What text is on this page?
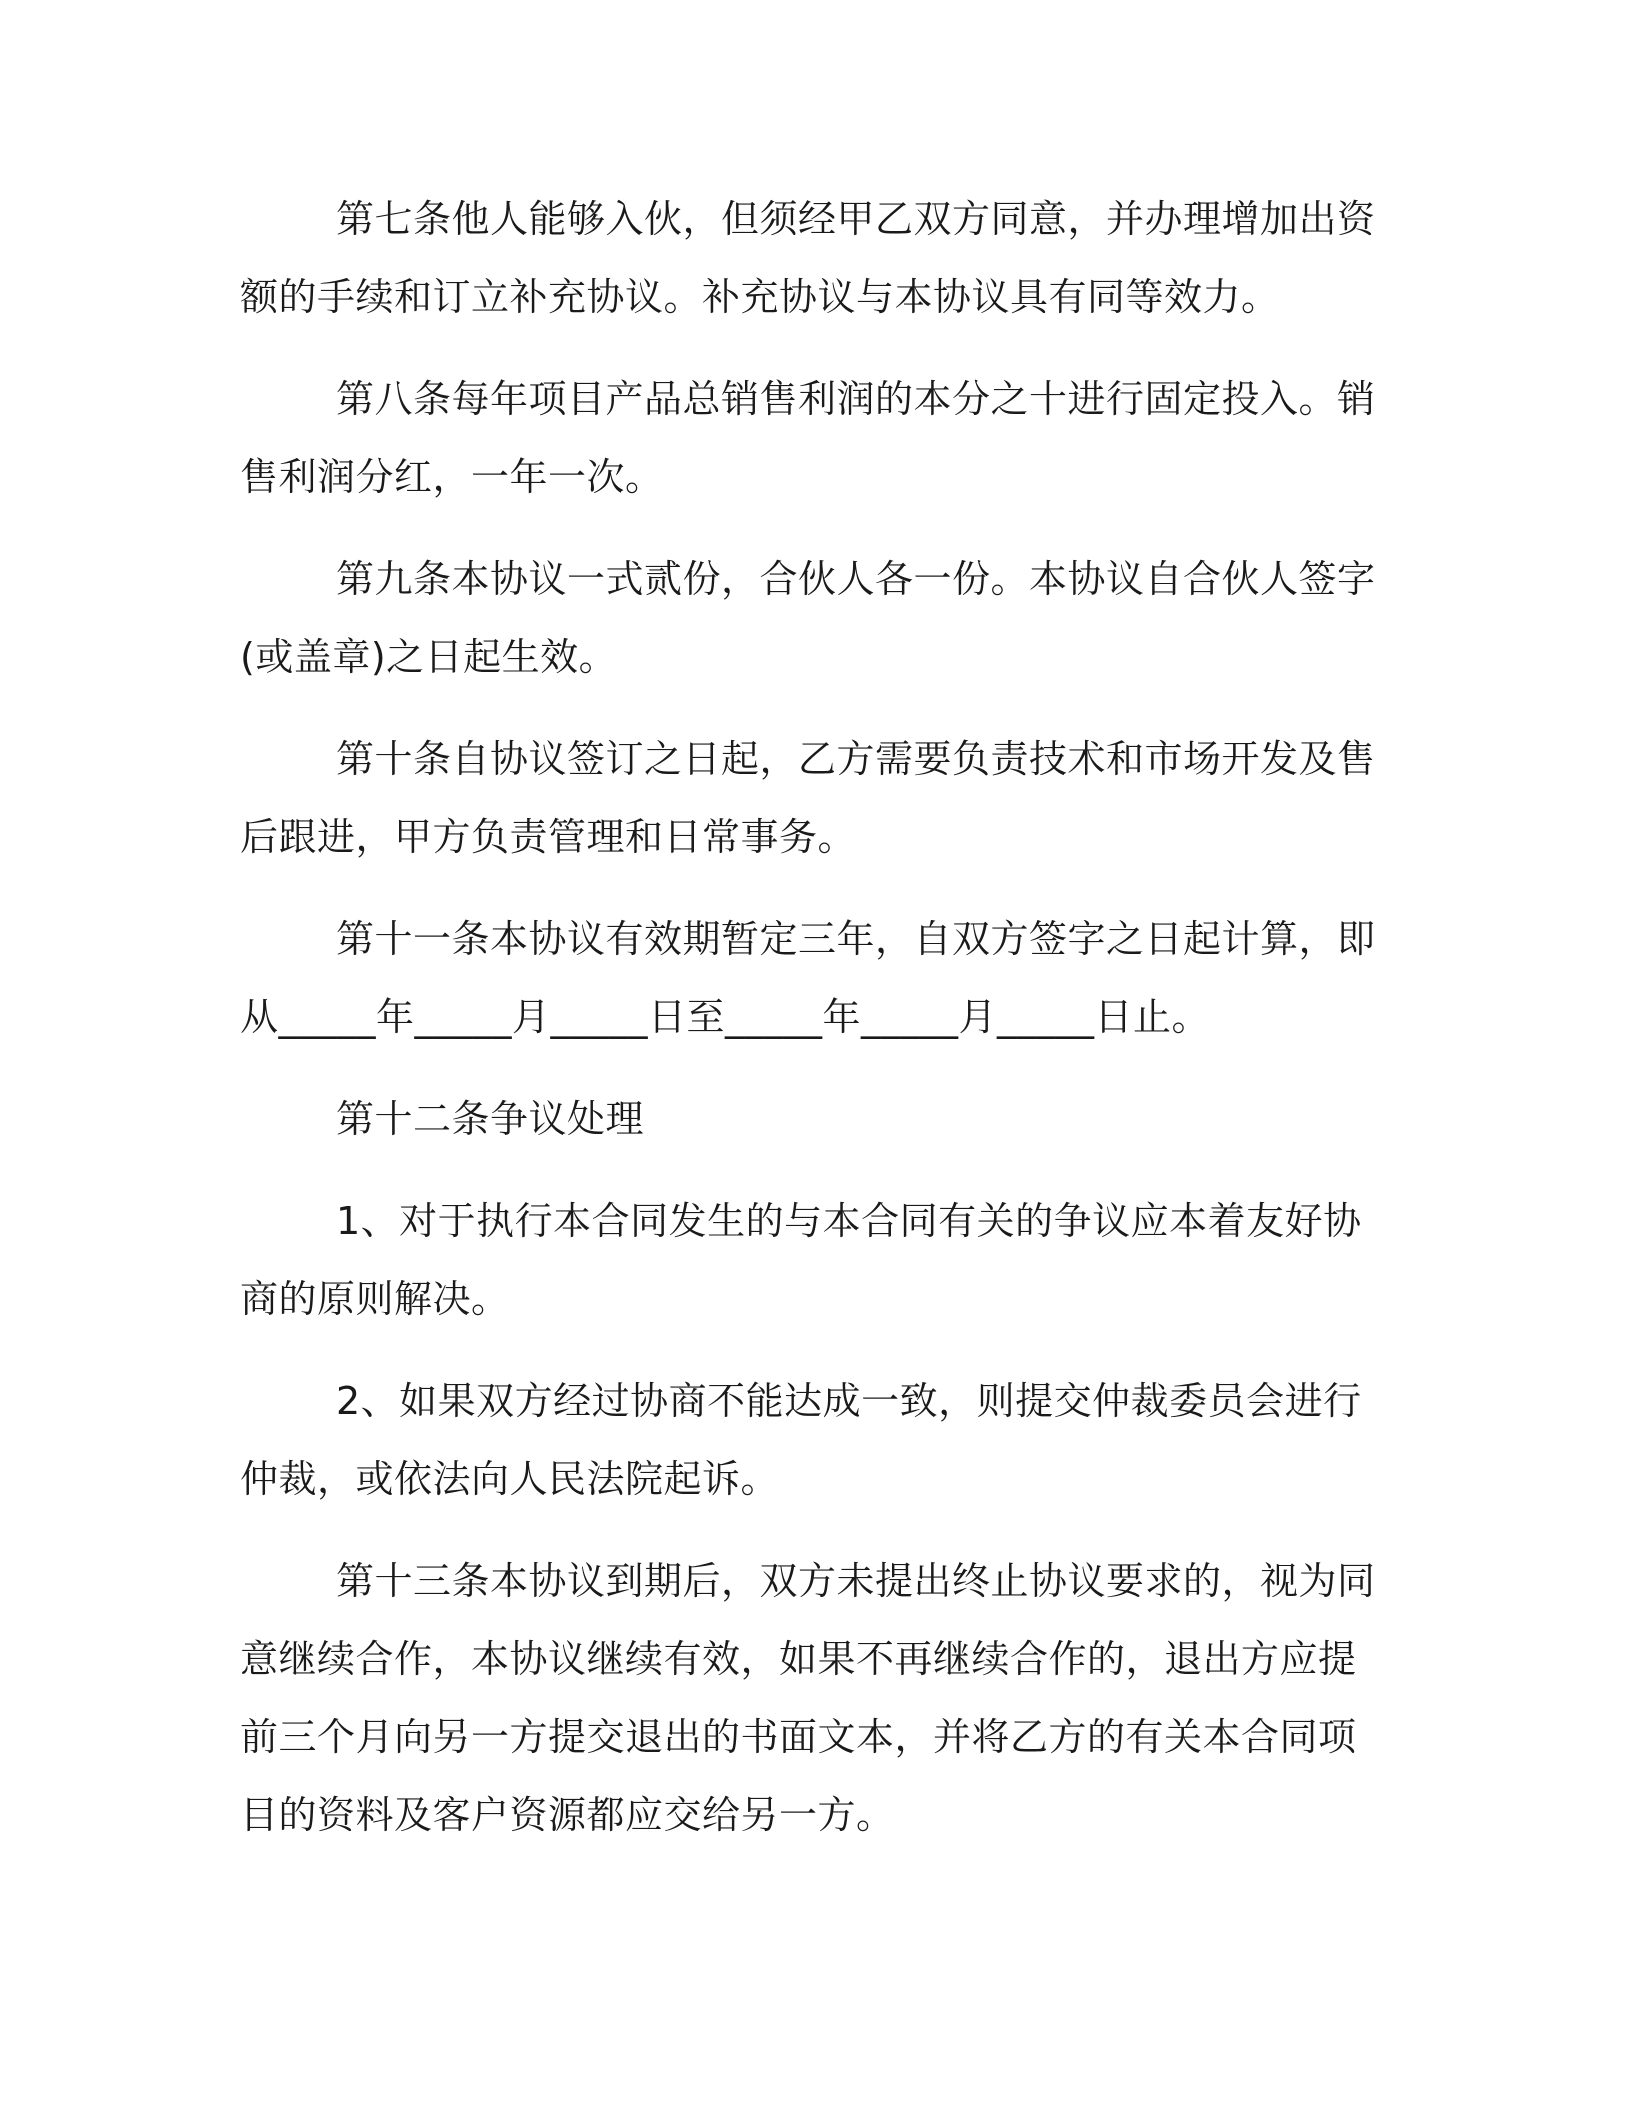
第七条他人能够入伙，但须经甲乙双方同意，并办理增加出资额的手续和订立补充协议。补充协议与本协议具有同等效力。

第八条每年项目产品总销售利润的本分之十进行固定投入。销售利润分红，一年一次。

第九条本协议一式贰份，合伙人各一份。本协议自合伙人签字(或盖章)之日起生效。

第十条自协议签订之日起，乙方需要负责技术和市场开发及售后跟进，甲方负责管理和日常事务。

第十一条本协议有效期暂定三年，自双方签字之日起计算，即从_____年_____月_____日至_____年_____月_____日止。

第十二条争议处理

1、对于执行本合同发生的与本合同有关的争议应本着友好协商的原则解决。

2、如果双方经过协商不能达成一致，则提交仲裁委员会进行仲裁，或依法向人民法院起诉。

第十三条本协议到期后，双方未提出终止协议要求的，视为同意继续合作，本协议继续有效，如果不再继续合作的，退出方应提前三个月向另一方提交退出的书面文本，并将乙方的有关本合同项目的资料及客户资源都应交给另一方。
